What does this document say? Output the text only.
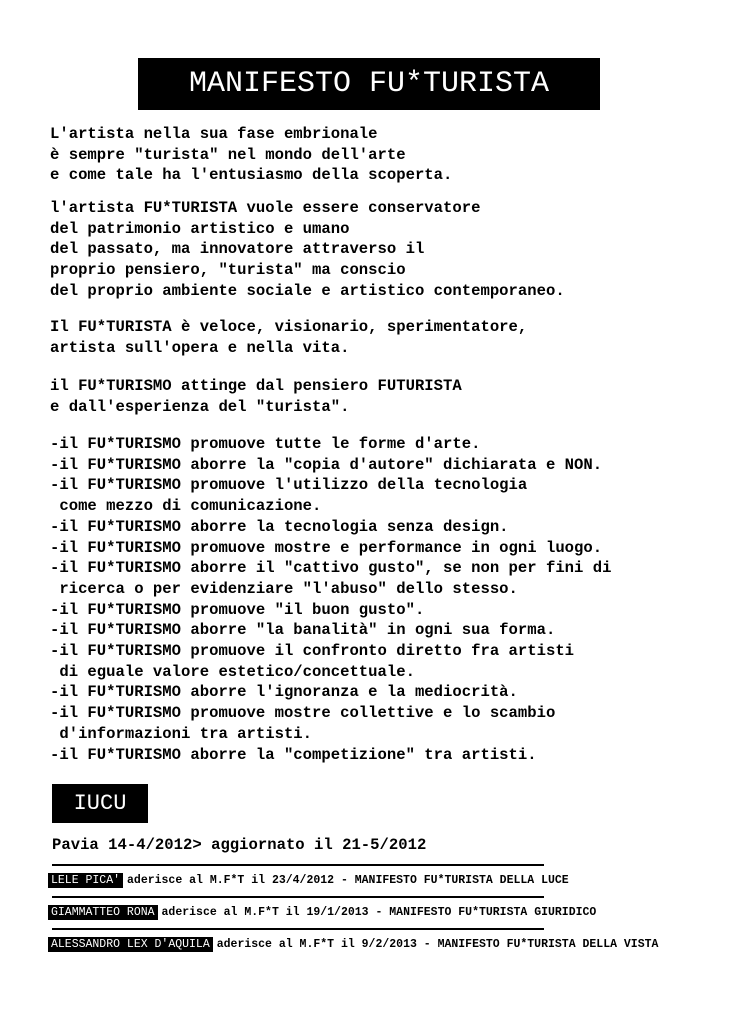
MANIFESTO FU*TURISTA

L'artista nella sua fase embrionale
è sempre "turista" nel mondo dell'arte
e come tale ha l'entusiasmo della scoperta.

l'artista FU*TURISTA vuole essere conservatore
del patrimonio artistico e umano
del passato, ma innovatore attraverso il
proprio pensiero, "turista" ma conscio
del proprio ambiente sociale e artistico contemporaneo.

Il FU*TURISTA è veloce, visionario, sperimentatore,
artista sull'opera e nella vita.

il FU*TURISMO attinge dal pensiero FUTURISTA
e dall'esperienza del "turista".

-il FU*TURISMO promuove tutte le forme d'arte.
-il FU*TURISMO aborre la "copia d'autore" dichiarata e NON.
-il FU*TURISMO promuove l'utilizzo della tecnologia
come mezzo di comunicazione.
-il FU*TURISMO aborre la tecnologia senza design.
-il FU*TURISMO promuove mostre e performance in ogni luogo.
-il FU*TURISMO aborre il "cattivo gusto", se non per fini di
ricerca o per evidenziare "l'abuso" dello stesso.
-il FU*TURISMO promuove "il buon gusto".
-il FU*TURISMO aborre "la banalità" in ogni sua forma.
-il FU*TURISMO promuove il confronto diretto fra artisti
di eguale valore estetico/concettuale.
-il FU*TURISMO aborre l'ignoranza e la mediocrità.
-il FU*TURISMO promuove mostre collettive e lo scambio
d'informazioni tra artisti.
-il FU*TURISMO aborre la "competizione" tra artisti.
IUCU
Pavia 14-4/2012> aggiornato il 21-5/2012
LELE PICA' aderisce al M.F*T il 23/4/2012 - MANIFESTO FU*TURISTA DELLA LUCE
GIAMMATTEO RONA aderisce al M.F*T il 19/1/2013 - MANIFESTO FU*TURISTA GIURIDICO
ALESSANDRO LEX D'AQUILA aderisce al M.F*T il 9/2/2013 - MANIFESTO FU*TURISTA DELLA VISTA
